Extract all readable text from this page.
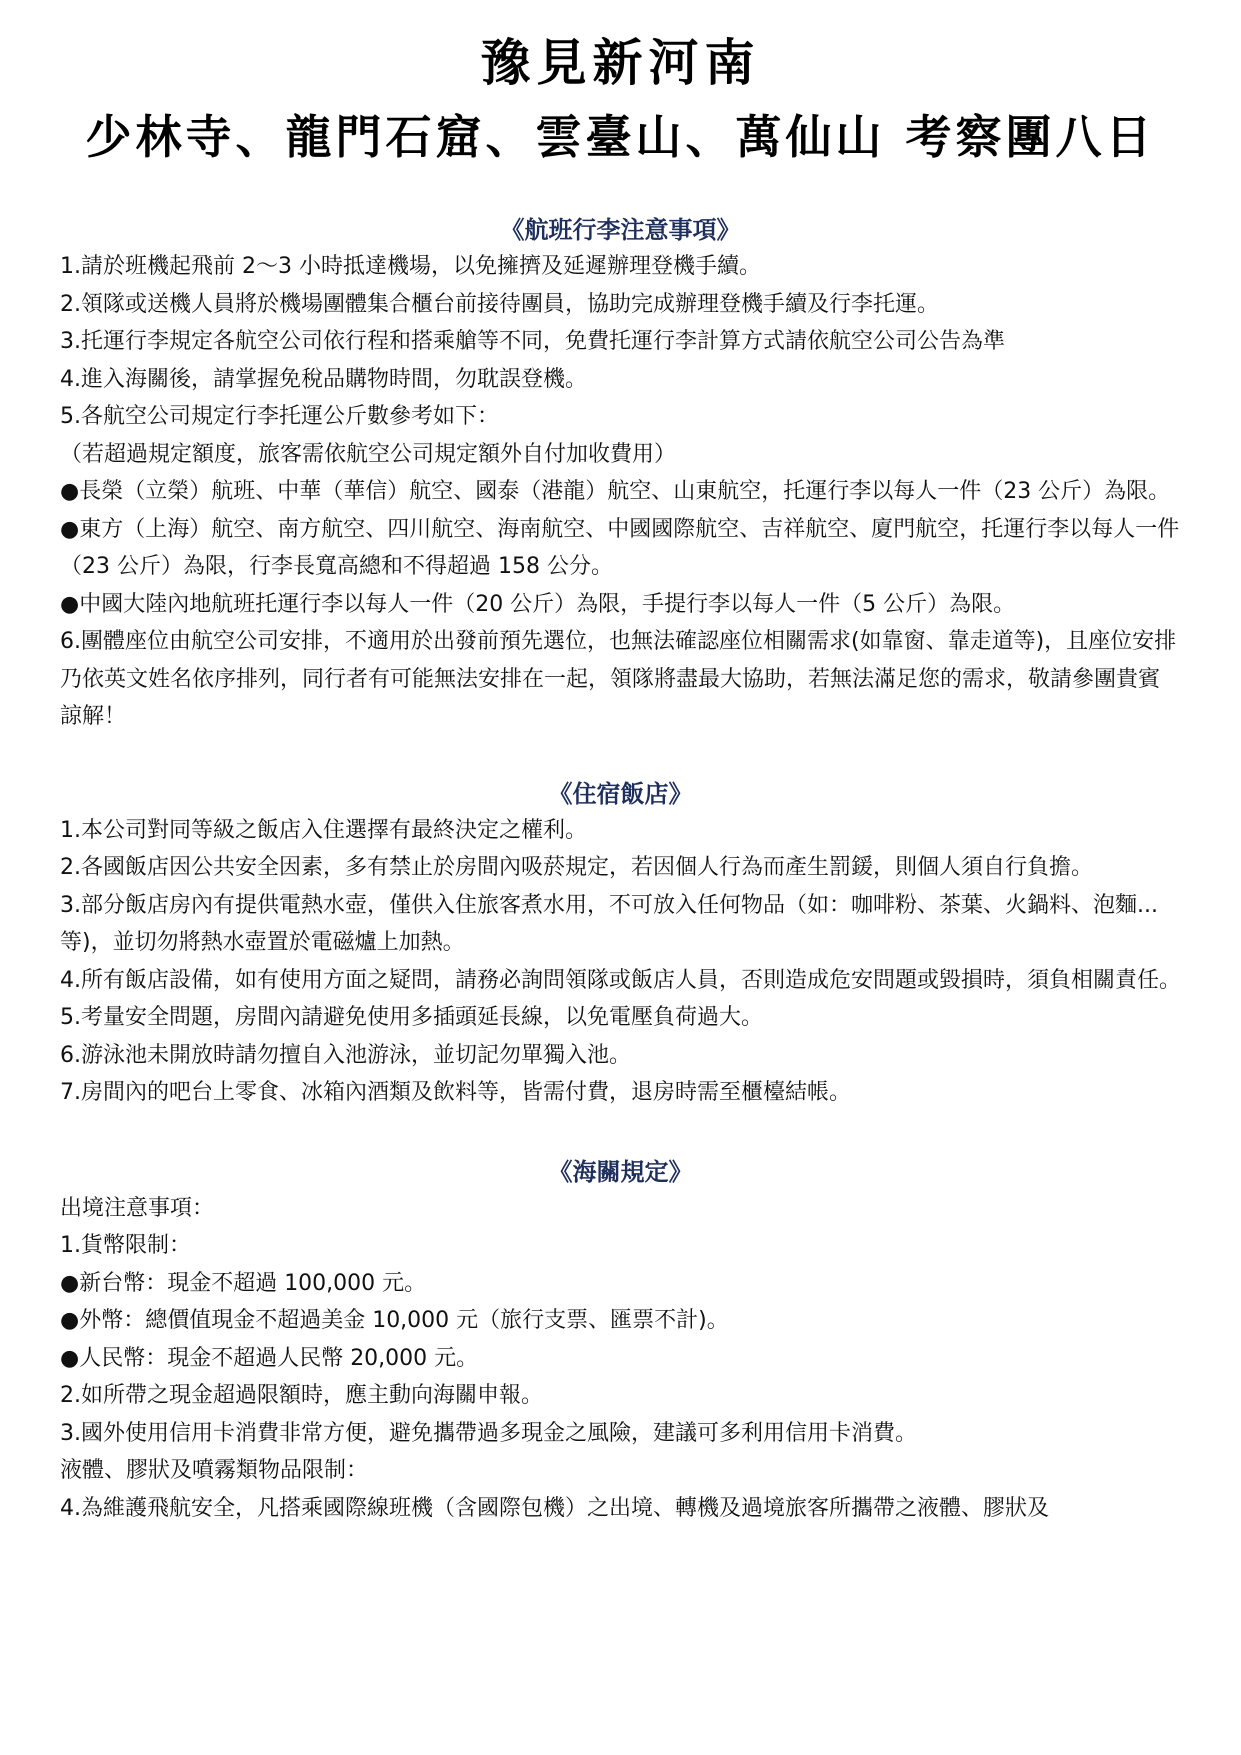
豫見新河南
少林寺、龍門石窟、雲臺山、萬仙山 考察團八日
《航班行李注意事項》

1.請於班機起飛前 2～3 小時抵達機場，以免擁擠及延遲辦理登機手續。

2.領隊或送機人員將於機場團體集合櫃台前接待團員，協助完成辦理登機手續及行李托運。

3.托運行李規定各航空公司依行程和搭乘艙等不同，免費托運行李計算方式請依航空公司公告為準

4.進入海關後，請掌握免稅品購物時間，勿耽誤登機。

5.各航空公司規定行李托運公斤數參考如下：

（若超過規定額度，旅客需依航空公司規定額外自付加收費用）

●長榮（立榮）航班、中華（華信）航空、國泰（港龍）航空、山東航空，托運行李以每人一件（23 公斤）為限。

●東方（上海）航空、南方航空、四川航空、海南航空、中國國際航空、吉祥航空、廈門航空，托運行李以每人一件（23 公斤）為限，行李長寬高總和不得超過 158 公分。

●中國大陸內地航班托運行李以每人一件（20 公斤）為限，手提行李以每人一件（5 公斤）為限。

6.團體座位由航空公司安排，不適用於出發前預先選位，也無法確認座位相關需求(如靠窗、靠走道等)，且座位安排乃依英文姓名依序排列，同行者有可能無法安排在一起，領隊將盡最大協助，若無法滿足您的需求，敬請參團貴賓諒解！

《住宿飯店》

1.本公司對同等級之飯店入住選擇有最終決定之權利。

2.各國飯店因公共安全因素，多有禁止於房間內吸菸規定，若因個人行為而產生罰鍰，則個人須自行負擔。

3.部分飯店房內有提供電熱水壺，僅供入住旅客煮水用，不可放入任何物品（如：咖啡粉、茶葉、火鍋料、泡麵...等)，並切勿將熱水壺置於電磁爐上加熱。

4.所有飯店設備，如有使用方面之疑問，請務必詢問領隊或飯店人員，否則造成危安問題或毀損時，須負相關責任。

5.考量安全問題，房間內請避免使用多插頭延長線，以免電壓負荷過大。

6.游泳池未開放時請勿擅自入池游泳，並切記勿單獨入池。

7.房間內的吧台上零食、冰箱內酒類及飲料等，皆需付費，退房時需至櫃檯結帳。

《海關規定》

出境注意事項：

1.貨幣限制：

●新台幣：現金不超過 100,000 元。

●外幣：總價值現金不超過美金 10,000 元（旅行支票、匯票不計)。

●人民幣：現金不超過人民幣 20,000 元。

2.如所帶之現金超過限額時，應主動向海關申報。

3.國外使用信用卡消費非常方便，避免攜帶過多現金之風險，建議可多利用信用卡消費。

液體、膠狀及噴霧類物品限制：

4.為維護飛航安全，凡搭乘國際線班機（含國際包機）之出境、轉機及過境旅客所攜帶之液體、膠狀及
